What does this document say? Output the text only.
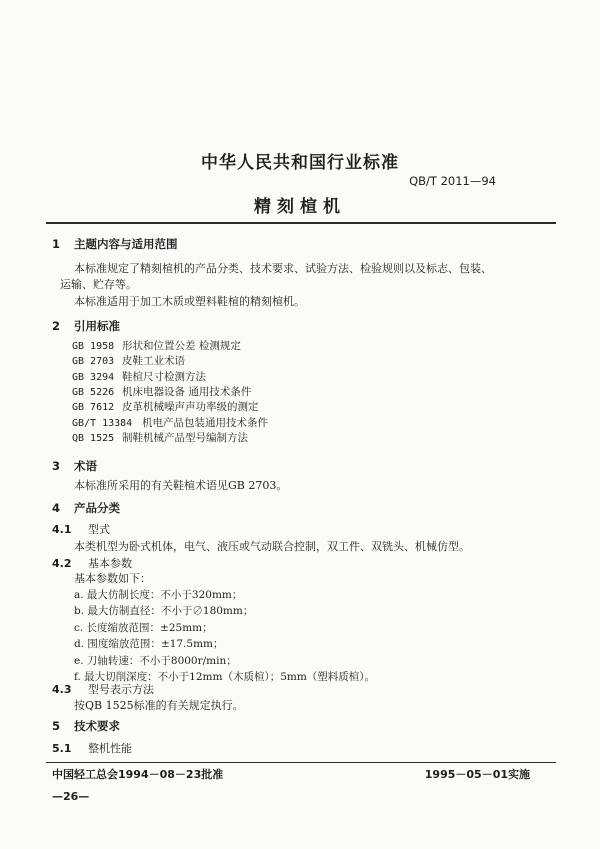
中华人民共和国行业标准
QB/T 2011—94
精刻楦机
1 主题内容与适用范围
本标准规定了精刻楦机的产品分类、技术要求、试验方法、检验规则以及标志、包装、
运输、贮存等。
本标准适用于加工木质或塑料鞋楦的精刻楦机。
2 引用标准
GB 1958 形状和位置公差 检测规定
GB 2703 皮鞋工业术语
GB 3294 鞋楦尺寸检测方法
GB 5226 机床电器设备 通用技术条件
GB 7612 皮革机械噪声声功率级的测定
GB/T 13384 机电产品包装通用技术条件
QB 1525 制鞋机械产品型号编制方法
3 术语
本标准所采用的有关鞋楦术语见GB 2703。
4 产品分类
4.1 型式
本类机型为卧式机体，电气、液压或气动联合控制，双工件、双铣头、机械仿型。
4.2 基本参数
基本参数如下：
a. 最大仿制长度：不小于320mm；
b. 最大仿制直径：不小于∅180mm；
c. 长度缩放范围：±25mm；
d. 围度缩放范围：±17.5mm；
e. 刀轴转速：不小于8000r/min；
f. 最大切削深度：不小于12mm（木质楦）；5mm（塑料质楦）。
4.3 型号表示方法
按QB 1525标准的有关规定执行。
5 技术要求
5.1 整机性能
中国轻工总会1994－08－23批准	1995－05－01实施
—26—
